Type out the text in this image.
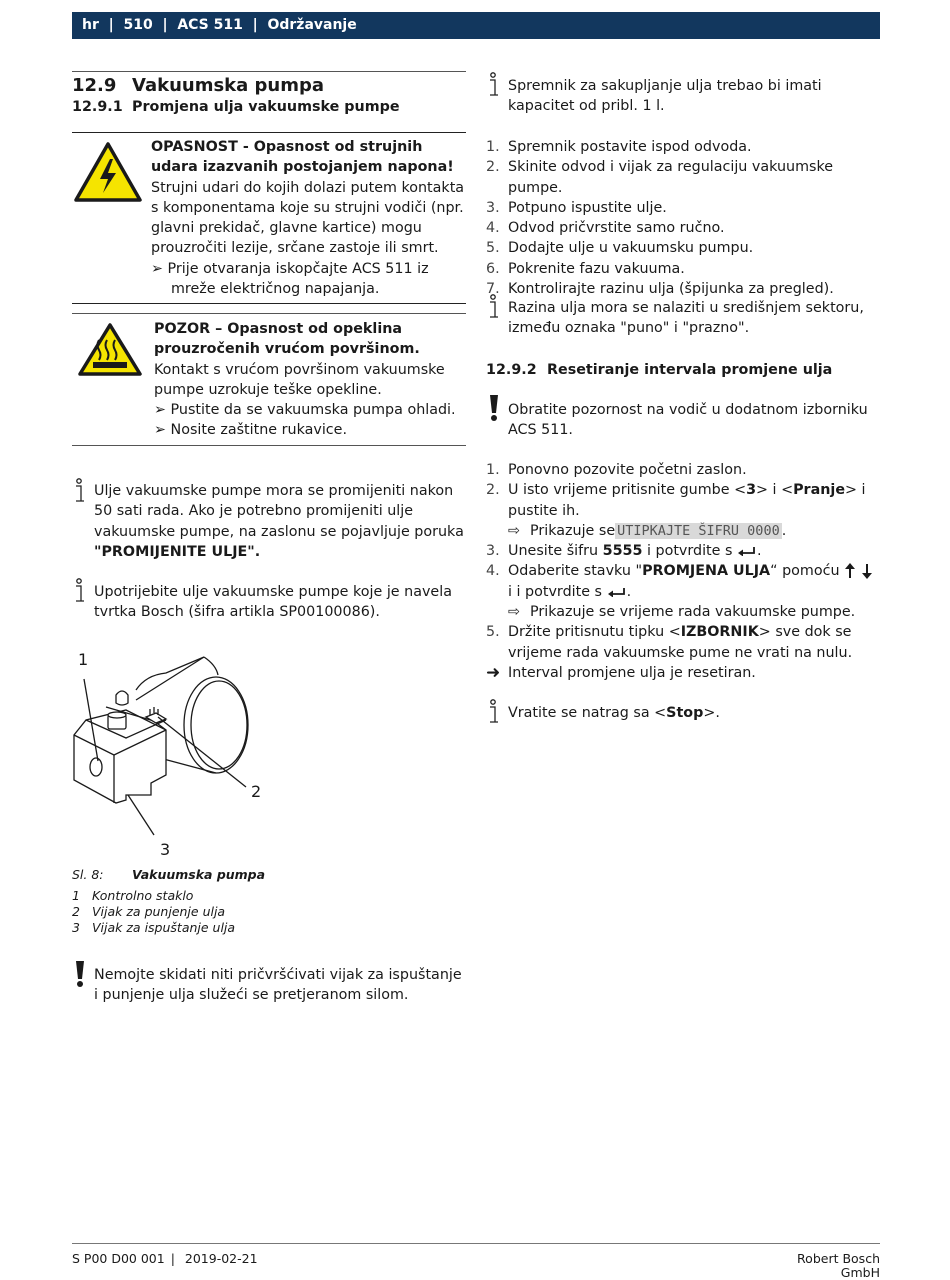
hr  |  510  |  ACS 511  |  Održavanje
12.9 Vakuumska pumpa
12.9.1 Promjena ulja vakuumske pumpe

OPASNOST - Opasnost od strujnih udara izazvanih postojanjem napona!

Strujni udari do kojih dolazi putem kontakta s komponentama koje su strujni vodiči (npr. glavni prekidač, glavne kartice) mogu prouzročiti lezije, srčane zastoje ili smrt.

➢ Prije otvaranja iskopčajte ACS 511 iz mreže električnog napajanja.

POZOR – Opasnost od opeklina prouzročenih vrućom površinom.

Kontakt s vrućom površinom vakuumske pumpe uzrokuje teške opekline.

➢ Pustite da se vakuumska pumpa ohladi.

➢ Nosite zaštitne rukavice.

Ulje vakuumske pumpe mora se promijeniti nakon 50 sati rada. Ako je potrebno promijeniti ulje vakuumske pumpe, na zaslonu se pojavljuje poruka "PROMIJENITE ULJE".
Upotrijebite ulje vakuumske pumpe koje je navela tvrtka Bosch (šifra artikla SP00100086).
1
2
3
Sl. 8: Vakuumska pumpa
1 Kontrolno staklo
2 Vijak za punjenje ulja
3 Vijak za ispuštanje ulja
Nemojte skidati niti pričvršćivati vijak za ispuštanje i punjenje ulja služeći se pretjeranom silom.
Spremnik za sakupljanje ulja trebao bi imati kapacitet od pribl. 1 l.
1. Spremnik postavite ispod odvoda.
2. Skinite odvod i vijak za regulaciju vakuumske pumpe.
3. Potpuno ispustite ulje.
4. Odvod pričvrstite samo ručno.
5. Dodajte ulje u vakuumsku pumpu.
6. Pokrenite fazu vakuuma.
7. Kontrolirajte razinu ulja (špijunka za pregled).
Razina ulja mora se nalaziti u središnjem sektoru, između oznaka "puno" i "prazno".
12.9.2 Resetiranje intervala promjene ulja
Obratite pozornost na vodič u dodatnom izborniku ACS 511.
1. Ponovno pozovite početni zaslon.
2. U isto vrijeme pritisnite gumbe <3> i <Pranje> i pustite ih.
⇨ Prikazuje se UTIPKAJTE ŠIFRU 0000 .
3. Unesite šifru 5555 i potvrdite s .
4. Odaberite stavku "PROMJENA ULJA“ pomoću   i i potvrdite s .
⇨ Prikazuje se vrijeme rada vakuumske pumpe.
5. Držite pritisnutu tipku <IZBORNIK> sve dok se vrijeme rada vakuumske pume ne vrati na nulu.
➜ Interval promjene ulja je resetiran.
Vratite se natrag sa <Stop>.
S P00 D00 001 | 2019-02-21	Robert Bosch GmbH
